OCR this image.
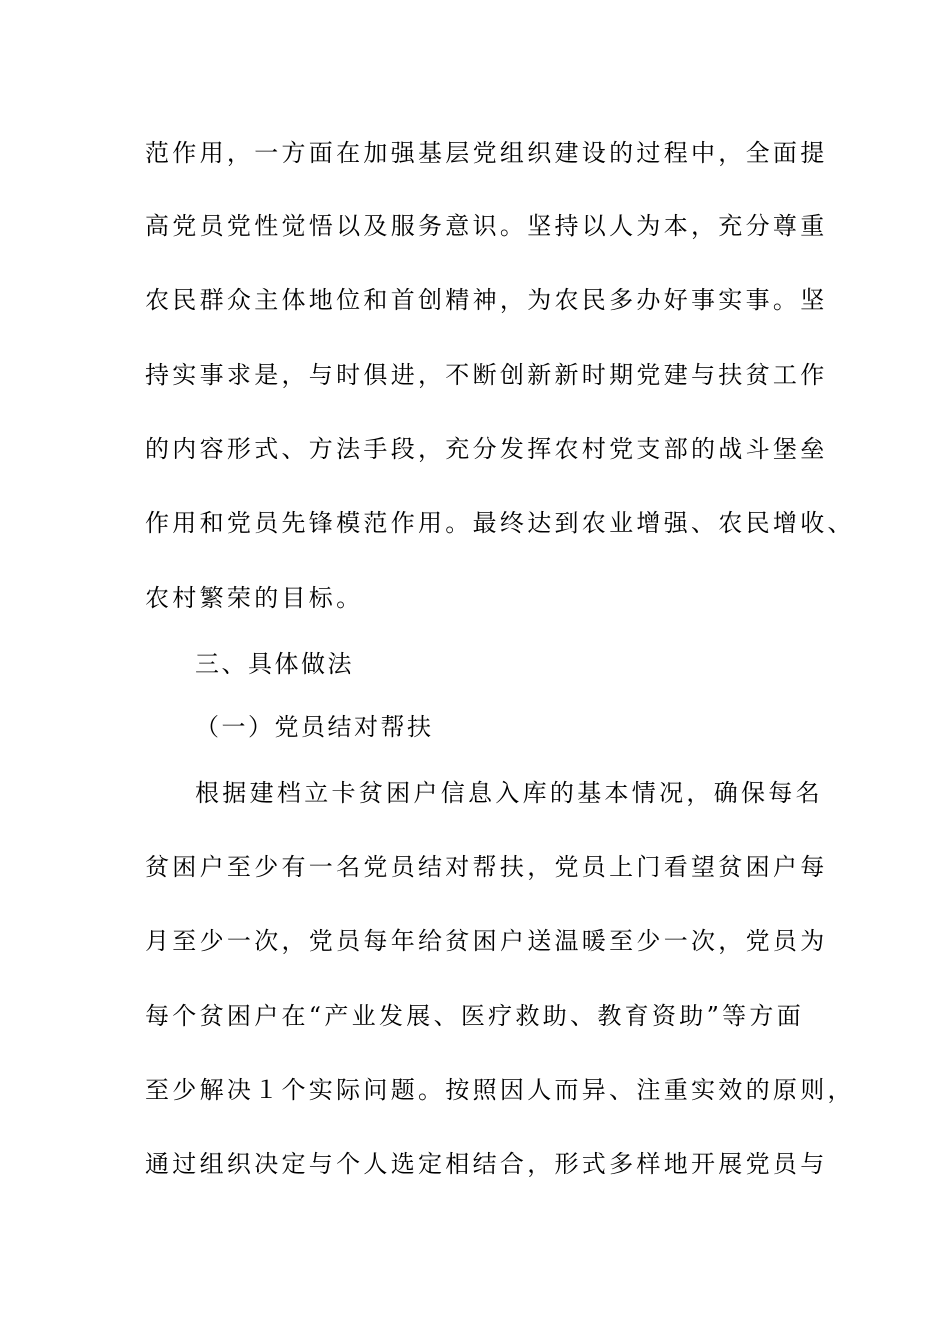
范作用，一方面在加强基层党组织建设的过程中，全面提
高党员党性觉悟以及服务意识。坚持以人为本，充分尊重
农民群众主体地位和首创精神，为农民多办好事实事。坚
持实事求是，与时俱进，不断创新新时期党建与扶贫工作
的内容形式、方法手段，充分发挥农村党支部的战斗堡垒
作用和党员先锋模范作用。最终达到农业增强、农民增收、
农村繁荣的目标。
三、具体做法
（一）党员结对帮扶
根据建档立卡贫困户信息入库的基本情况，确保每名
贫困户至少有一名党员结对帮扶，党员上门看望贫困户每
月至少一次，党员每年给贫困户送温暖至少一次，党员为
每个贫困户在“产业发展、医疗救助、教育资助”等方面
至少解决１个实际问题。按照因人而异、注重实效的原则，
通过组织决定与个人选定相结合，形式多样地开展党员与
